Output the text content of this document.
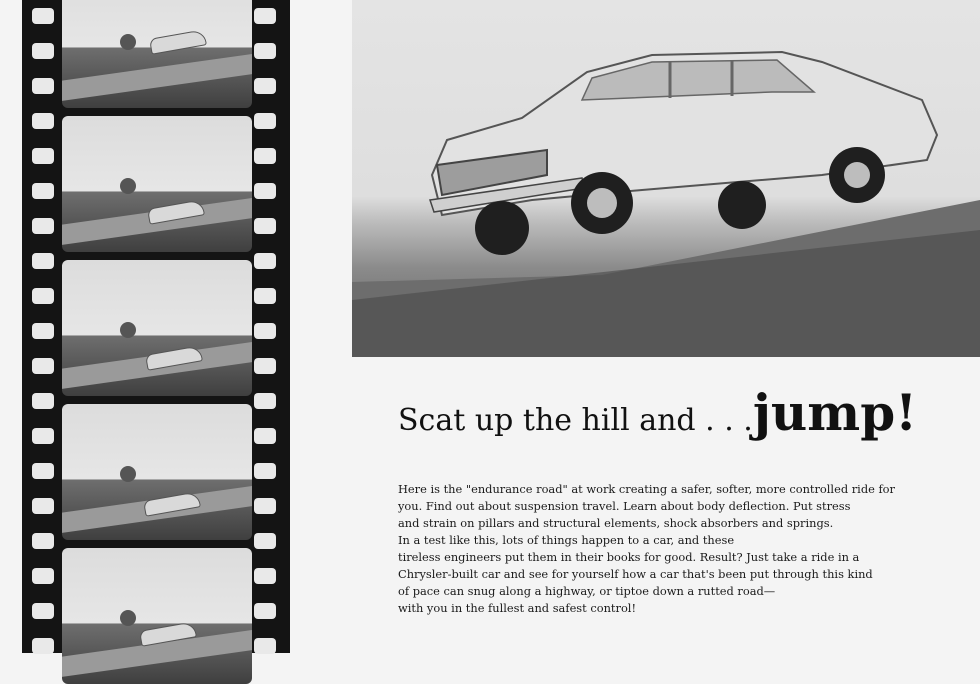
Scat up the hill and . . .jump!
Here is the "endurance road" at work creating a safer, softer, more controlled ride for
you. Find out about suspension travel. Learn about body deflection. Put stress
and strain on pillars and structural elements, shock absorbers and springs.
In a test like this, lots of things happen to a car, and these
tireless engineers put them in their books for good. Result? Just take a ride in a
Chrysler-built car and see for yourself how a car that's been put through this kind
of pace can snug along a highway, or tiptoe down a rutted road—
with you in the fullest and safest control!
